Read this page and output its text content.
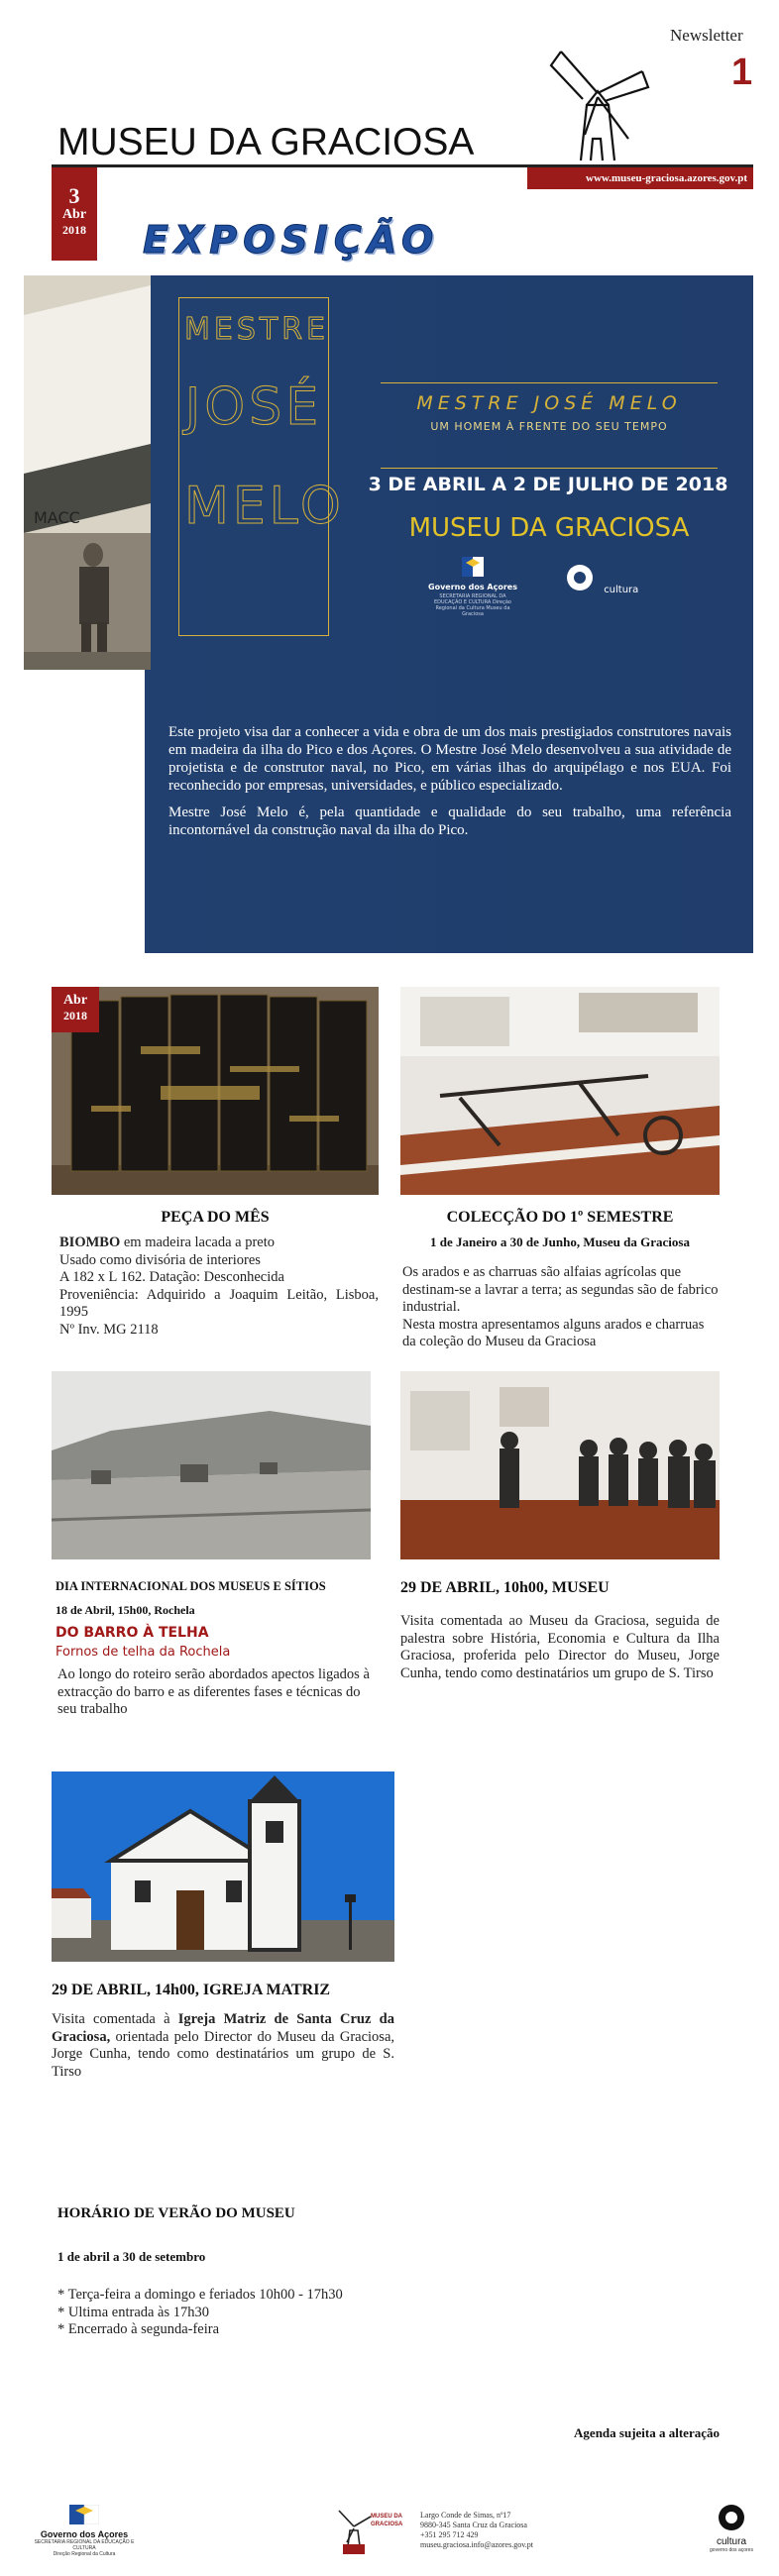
Newsletter
1
MUSEU DA GRACIOSA
www.museu-graciosa.azores.gov.pt
3
Abr
2018 EXPOSIÇÃO
MACC
MESTRE
JOSÉ
MELO
MESTRE JOSÉ MELO
UM HOMEM À FRENTE DO SEU TEMPO
3 DE ABRIL A 2 DE JULHO DE 2018
MUSEU DA GRACIOSA
Governo dos Açores
SECRETARIA REGIONAL DA EDUCAÇÃO E CULTURA Direção Regional da Cultura Museu da Graciosa
cultura

Este projeto visa dar a conhecer a vida e obra de um dos mais prestigiados construtores navais em madeira da ilha do Pico e dos Açores. O Mestre José Melo desenvolveu a sua atividade de projetista e de construtor naval, no Pico, em várias ilhas do arquipélago e nos EUA. Foi reconhecido por empresas, universidades, e público especializado.

Mestre José Melo é, pela quantidade e qualidade do seu trabalho, uma referência incontornável da construção naval da ilha do Pico.

Abr
2018
PEÇA DO MÊS
BIOMBO em madeira lacada a preto
Usado como divisória de interiores
A 182 x L 162. Datação: Desconhecida
Proveniência: Adquirido a Joaquim Leitão, Lisboa, 1995
Nº Inv. MG 2118
COLECÇÃO DO 1º SEMESTRE
1 de Janeiro a 30 de Junho, Museu da Graciosa
Os arados e as charruas são alfaias agrícolas que destinam-se a lavrar a terra; as segundas são de fabrico industrial.
Nesta mostra apresentamos alguns arados e charruas da coleção do Museu da Graciosa
DIA INTERNACIONAL DOS MUSEUS E SÍTIOS
18 de Abril, 15h00, Rochela
DO BARRO À TELHA
Fornos de telha da Rochela
Ao longo do roteiro serão abordados apectos ligados à extracção do barro e as diferentes fases e técnicas do seu trabalho
29 DE ABRIL, 10h00, MUSEU
Visita comentada ao Museu da Graciosa, seguida de palestra sobre História, Economia e Cultura da Ilha Graciosa, proferida pelo Director do Museu, Jorge Cunha, tendo como destinatários um grupo de S. Tirso
29 DE ABRIL, 14h00, IGREJA MATRIZ
Visita comentada à Igreja Matriz de Santa Cruz da Graciosa, orientada pelo Director do Museu da Graciosa, Jorge Cunha, tendo como destinatários um grupo de S. Tirso
HORÁRIO DE VERÃO DO MUSEU
1 de abril a 30 de setembro
* Terça-feira a domingo e feriados 10h00 - 17h30
* Ultima entrada às 17h30
* Encerrado à segunda-feira
Agenda sujeita a alteração
Governo dos Açores
SECRETARIA REGIONAL DA EDUCAÇÃO E CULTURA
Direção Regional da Cultura
MUSEU DA GRACIOSA
Largo Conde de Simas, nº17
9880-345 Santa Cruz da Graciosa
+351 295 712 429
museu.graciosa.info@azores.gov.pt	cultura
governo dos açores
